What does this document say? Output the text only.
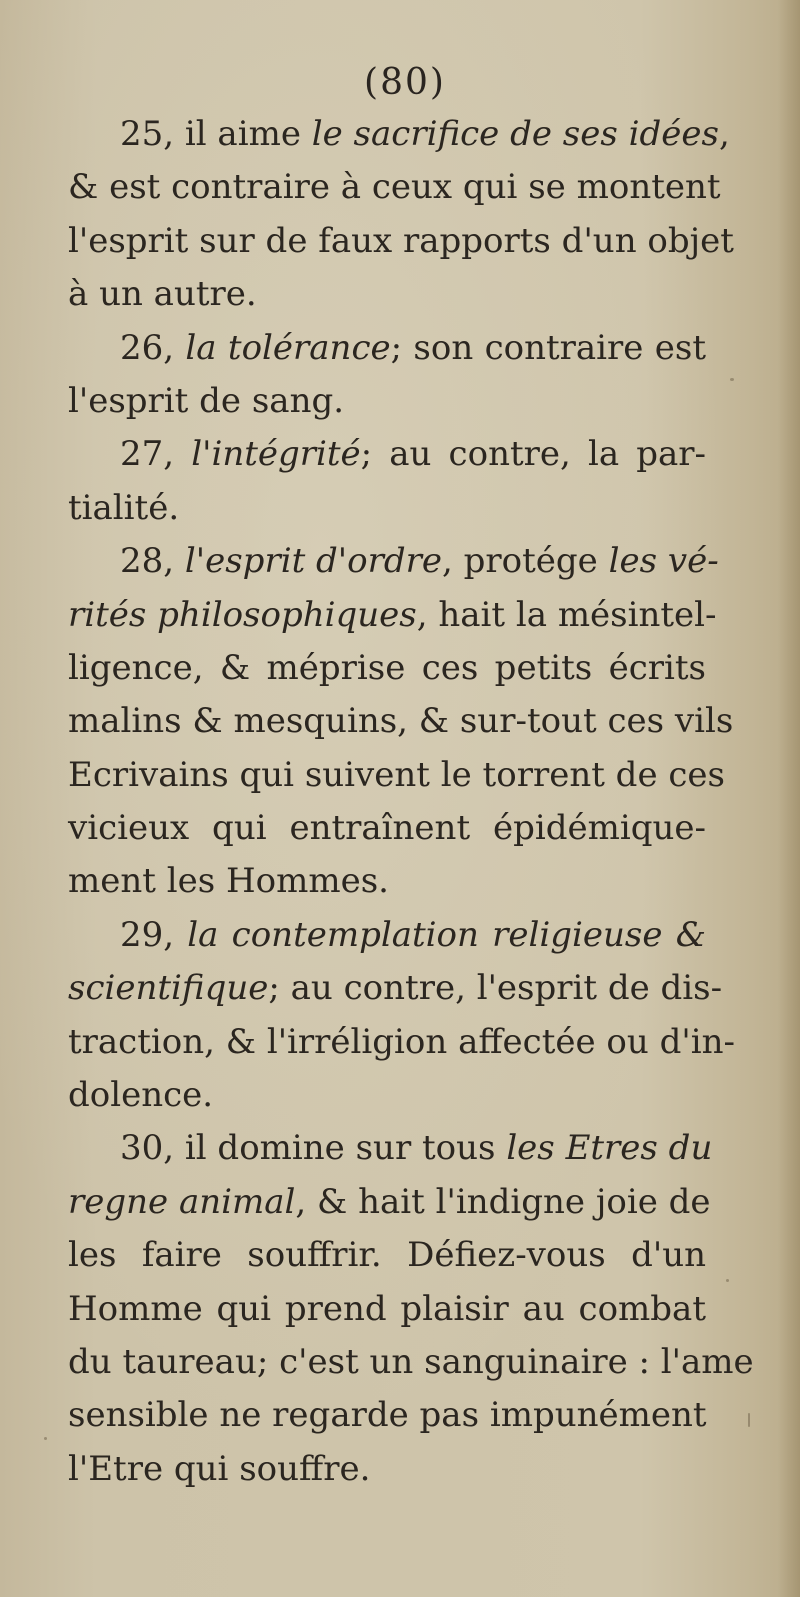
(80)
25, il aime le sacrifice de ses idées,
& est contraire à ceux qui se montent
l'esprit sur de faux rapports d'un objet
à un autre.
26, la tolérance; son contraire est
l'esprit de sang.
27, l'intégrité; au contre, la par-
tialité.
28, l'esprit d'ordre, protége les vé-
rités philosophiques, hait la mésintel-
ligence, & méprise ces petits écrits
malins & mesquins, & sur-tout ces vils
Ecrivains qui suivent le torrent de ces
vicieux qui entraînent épidémique-
ment les Hommes.
29, la contemplation religieuse &
scientifique; au contre, l'esprit de dis-
traction, & l'irréligion affectée ou d'in-
dolence.
30, il domine sur tous les Etres du
regne animal, & hait l'indigne joie de
les faire souffrir. Défiez-vous d'un
Homme qui prend plaisir au combat
du taureau; c'est un sanguinaire : l'ame
sensible ne regarde pas impunément
l'Etre qui souffre.
